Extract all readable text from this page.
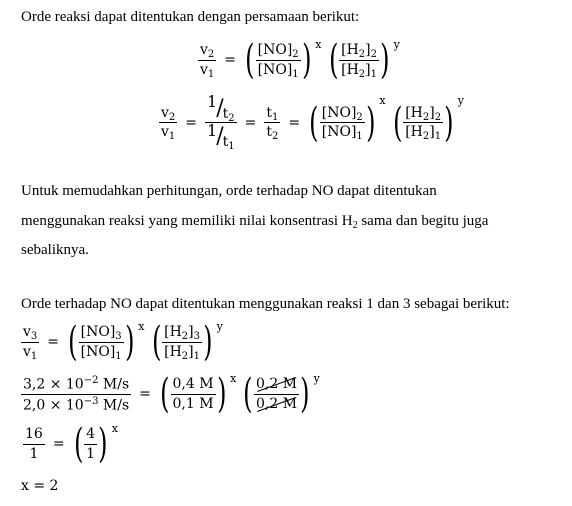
Orde reaksi dapat ditentukan dengan persamaan berikut:
$\frac{v_2}{v_1}$ = ( $\frac{[NO]_2}{[NO]_1}$ ) x ( $\frac{[H_2]_2}{[H_2]_1}$ ) y
$\frac{v_2}{v_1} = \frac{1 / t_2}{1 / t_1} = \frac{t_1}{t_2}$ = ( $\frac{[NO]_2}{[NO]_1}$ ) x ( $\frac{[H_2]_2}{[H_2]_1}$ ) y
Untuk memudahkan perhitungan, orde terhadap NO dapat ditentukan
menggunakan reaksi yang memiliki nilai konsentrasi $H_2$ sama dan begitu juga
sebaliknya.
Orde terhadap NO dapat ditentukan menggunakan reaksi 1 dan 3 sebagai berikut:
$\frac{v_3}{v_1}$ = ( $\frac{[NO]_3}{[NO]_1}$ ) x ( $\frac{[H_2]_3}{[H_2]_1}$ ) y
$\frac{3,2 \times 10^{-2} M/s}{2,0 \times 10^{-3} M/s}$ = ( $\frac{0,4 M}{0,1 M}$ ) x ( $\frac{0,2 M}{0,2 M}$ ) y
$\frac{16}{1}$ = ( $\frac{4}{1}$ ) x
x = 2
